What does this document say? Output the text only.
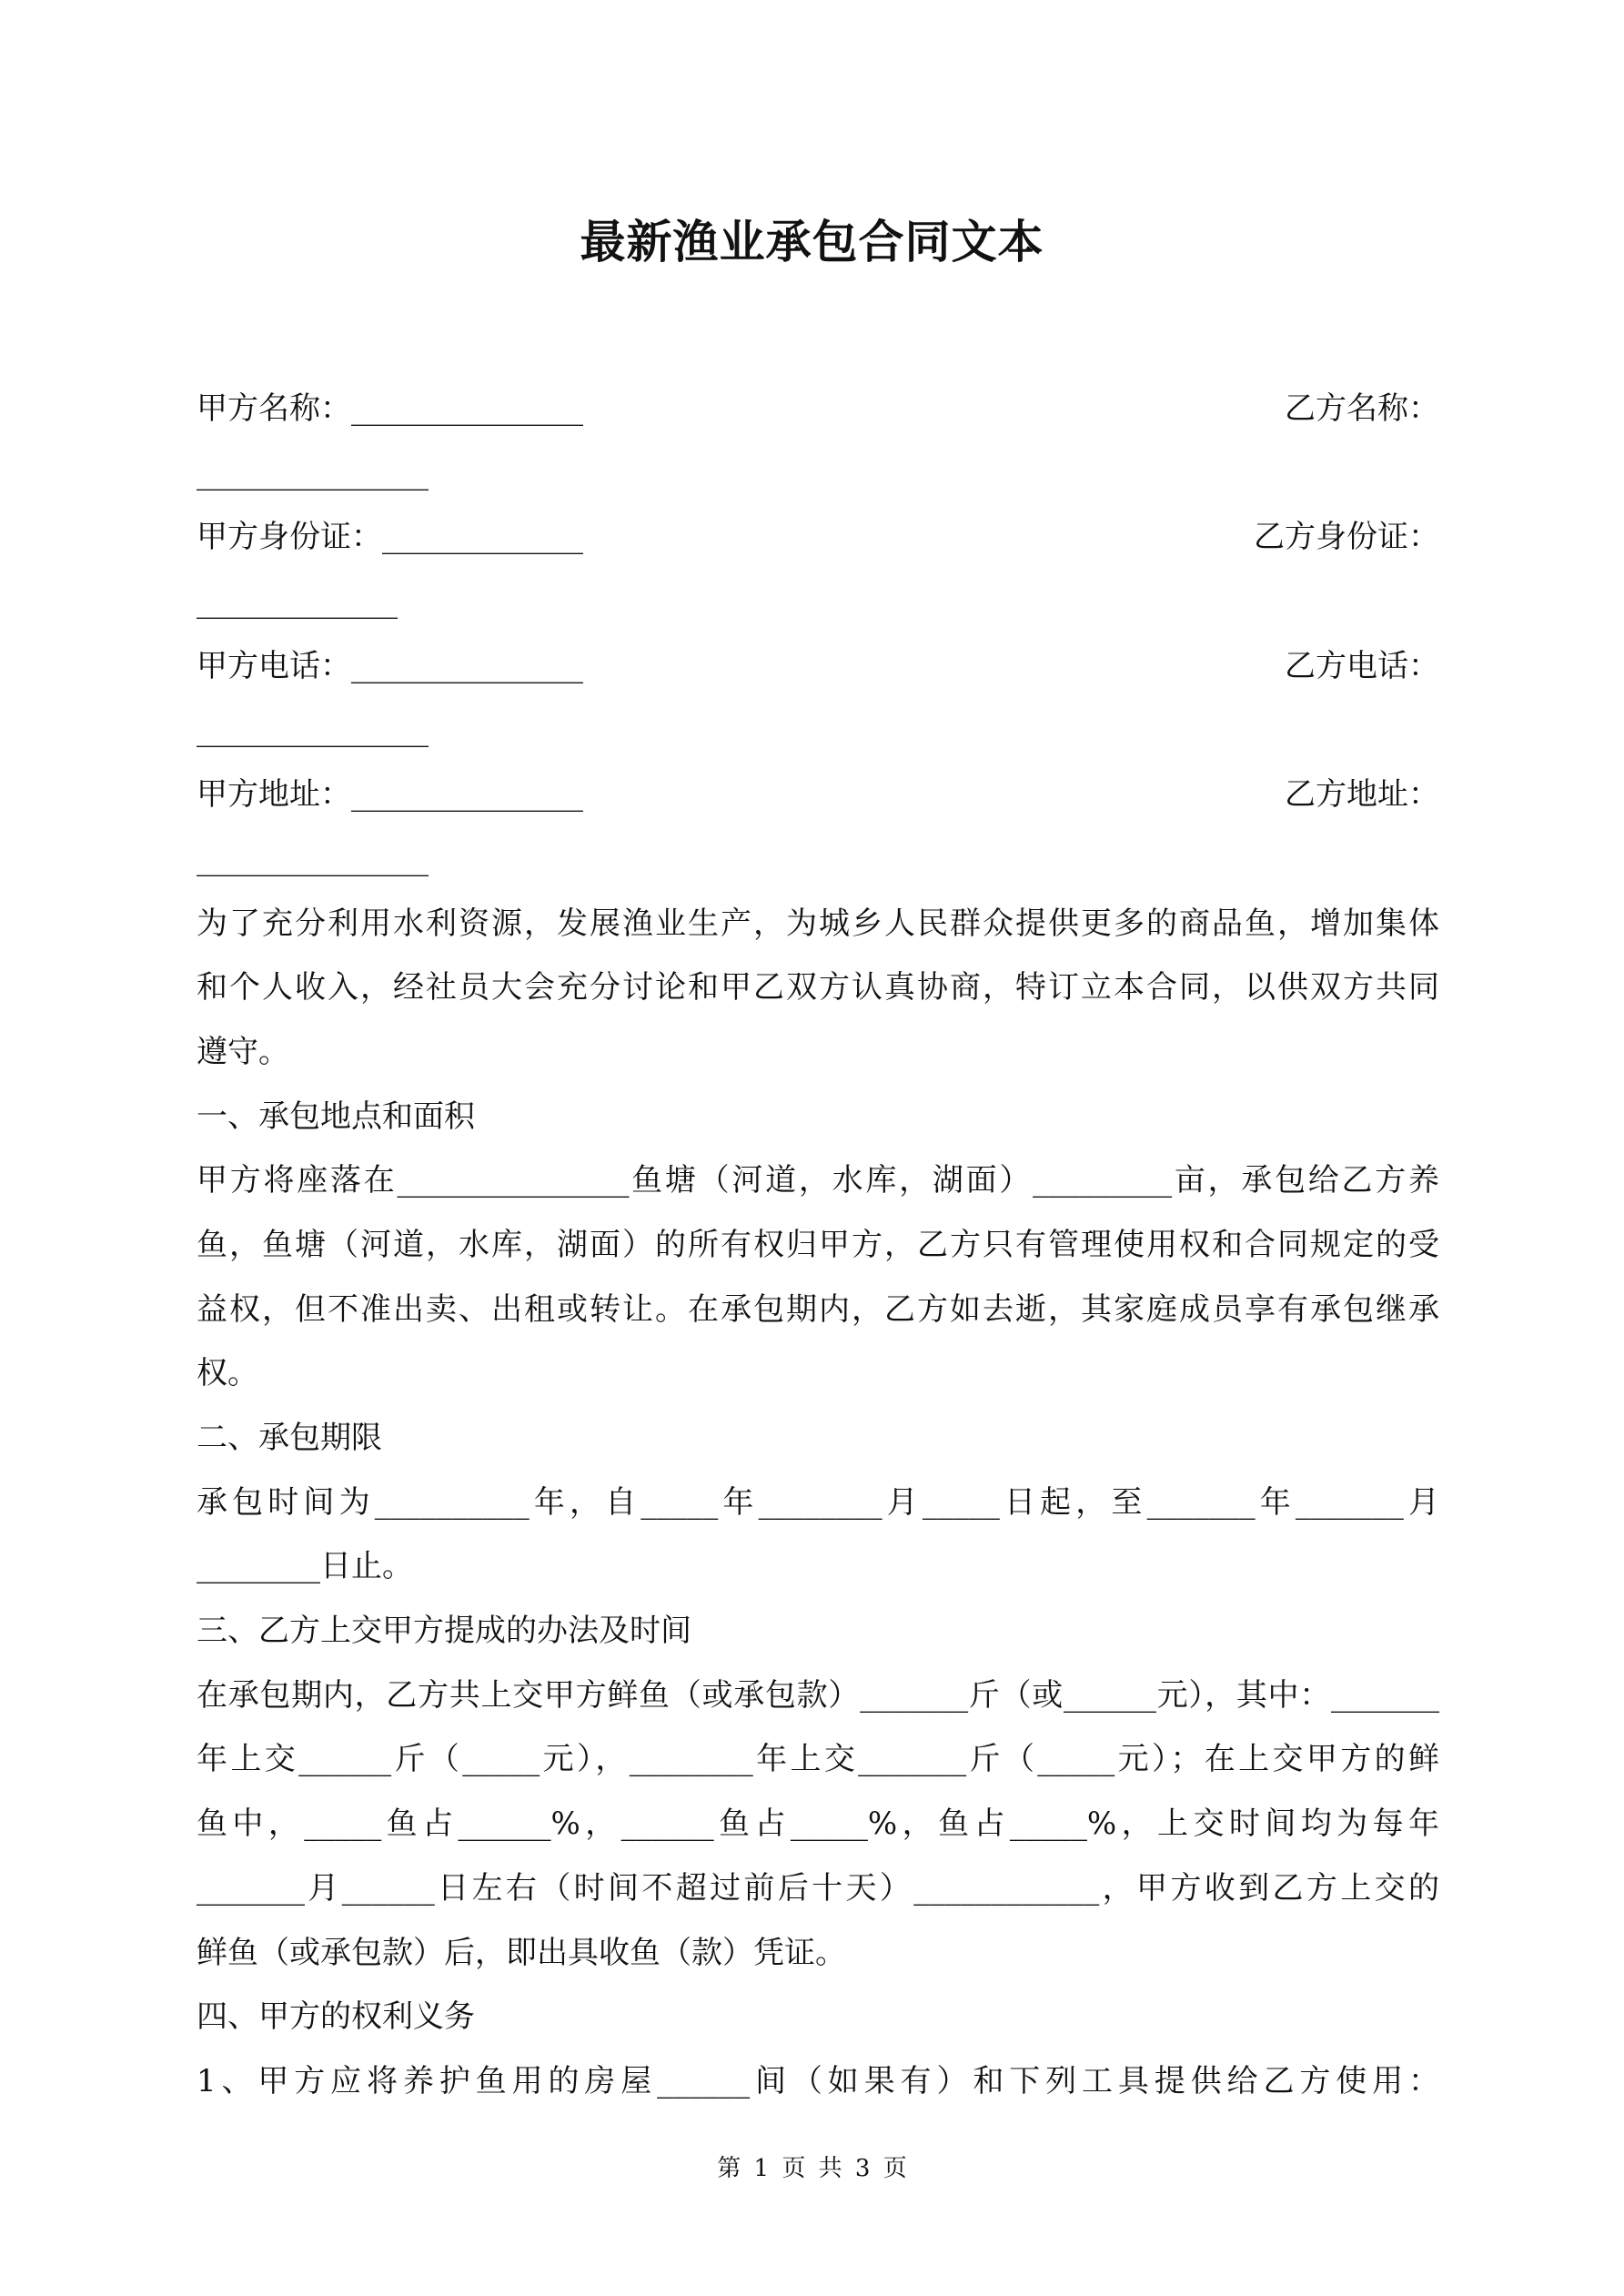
最新渔业承包合同文本
甲方名称：_______________	乙方名称：
_______________
甲方身份证：_____________	乙方身份证：
_____________
甲方电话：_______________	乙方电话：
_______________
甲方地址：_______________	乙方地址：
_______________
为了充分利用水利资源，发展渔业生产，为城乡人民群众提供更多的商品鱼，增加集体
和个人收入，经社员大会充分讨论和甲乙双方认真协商，特订立本合同，以供双方共同
遵守。
一、承包地点和面积
甲方将座落在_______________鱼塘（河道，水库，湖面）_________亩，承包给乙方养
鱼，鱼塘（河道，水库，湖面）的所有权归甲方，乙方只有管理使用权和合同规定的受
益权，但不准出卖、出租或转让。在承包期内，乙方如去逝，其家庭成员享有承包继承
权。
二、承包期限
承包时间为__________年，自_____年________月_____日起，至_______年_______月
________日止。
三、乙方上交甲方提成的办法及时间
在承包期内，乙方共上交甲方鲜鱼（或承包款）_______斤（或______元），其中：_______
年上交______斤（_____元），________年上交_______斤（_____元）；在上交甲方的鲜
鱼中，_____鱼占______%，______鱼占_____%，鱼占_____%，上交时间均为每年
_______月______日左右（时间不超过前后十天）____________，甲方收到乙方上交的
鲜鱼（或承包款）后，即出具收鱼（款）凭证。
四、甲方的权利义务
1、甲方应将养护鱼用的房屋______间（如果有）和下列工具提供给乙方使用：
第 1 页 共 3 页
